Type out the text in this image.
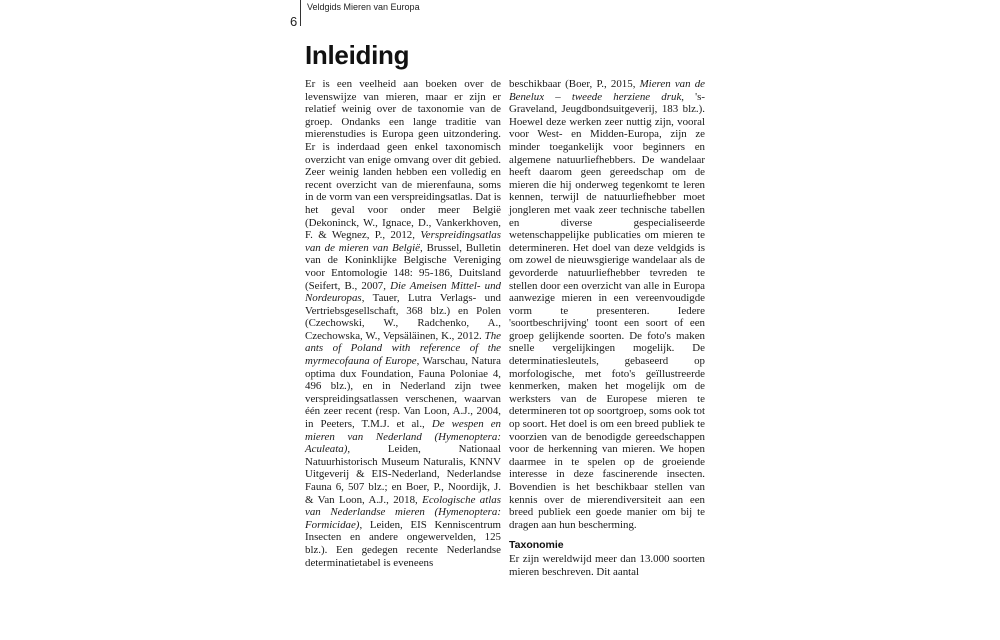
6
Veldgids Mieren van Europa
Inleiding

Er is een veelheid aan boeken over de levenswijze van mieren, maar er zijn er relatief weinig over de taxonomie van de groep. Ondanks een lange traditie van mierenstudies is Europa geen uitzondering. Er is inderdaad geen enkel taxonomisch overzicht van enige omvang over dit gebied. Zeer weinig landen hebben een volledig en recent overzicht van de mierenfauna, soms in de vorm van een verspreidingsatlas. Dat is het geval voor onder meer België (Dekoninck, W., Ignace, D., Vankerkhoven, F. & Wegnez, P., 2012, Verspreidingsatlas van de mieren van België, Brussel, Bulletin van de Koninklijke Belgische Vereniging voor Entomologie 148: 95-186, Duitsland (Seifert, B., 2007, Die Ameisen Mittel- und Nordeuropas, Tauer, Lutra Verlags- und Vertriebsgesellschaft, 368 blz.) en Polen (Czechowski, W., Radchenko, A., Czechowska, W., Vepsäläinen, K., 2012. The ants of Poland with reference of the myrmecofauna of Europe, Warschau, Natura optima dux Foundation, Fauna Poloniae 4, 496 blz.), en in Nederland zijn twee verspreidingsatlassen verschenen, waarvan één zeer recent (resp. Van Loon, A.J., 2004, in Peeters, T.M.J. et al., De wespen en mieren van Nederland (Hymenoptera: Aculeata), Leiden, Nationaal Natuurhistorisch Museum Naturalis, KNNV Uitgeverij & EIS-Nederland, Nederlandse Fauna 6, 507 blz.; en Boer, P., Noordijk, J. & Van Loon, A.J., 2018, Ecologische atlas van Nederlandse mieren (Hymenoptera: Formicidae), Leiden, EIS Kenniscentrum Insecten en andere ongewervelden, 125 blz.). Een gedegen recente Nederlandse determinatietabel is eveneens

beschikbaar (Boer, P., 2015, Mieren van de Benelux – tweede herziene druk, 's-Graveland, Jeugdbondsuitgeverij, 183 blz.). Hoewel deze werken zeer nuttig zijn, vooral voor West- en Midden-Europa, zijn ze minder toegankelijk voor beginners en algemene natuurliefhebbers. De wandelaar heeft daarom geen gereedschap om de mieren die hij onderweg tegenkomt te leren kennen, terwijl de natuurliefhebber moet jongleren met vaak zeer technische tabellen en diverse gespecialiseerde wetenschappelijke publicaties om mieren te determineren. Het doel van deze veldgids is om zowel de nieuwsgierige wandelaar als de gevorderde natuurliefhebber tevreden te stellen door een overzicht van alle in Europa aanwezige mieren in een vereenvoudigde vorm te presenteren. Iedere 'soortbeschrijving' toont een soort of een groep gelijkende soorten. De foto's maken snelle vergelijkingen mogelijk. De determinatiesleutels, gebaseerd op morfologische, met foto's geïllustreerde kenmerken, maken het mogelijk om de werksters van de Europese mieren te determineren tot op soortgroep, soms ook tot op soort. Het doel is om een breed publiek te voorzien van de benodigde gereedschappen voor de herkenning van mieren. We hopen daarmee in te spelen op de groeiende interesse in deze fascinerende insecten. Bovendien is het beschikbaar stellen van kennis over de mierendiversiteit aan een breed publiek een goede manier om bij te dragen aan hun bescherming.

Taxonomie

Er zijn wereldwijd meer dan 13.000 soorten mieren beschreven. Dit aantal
